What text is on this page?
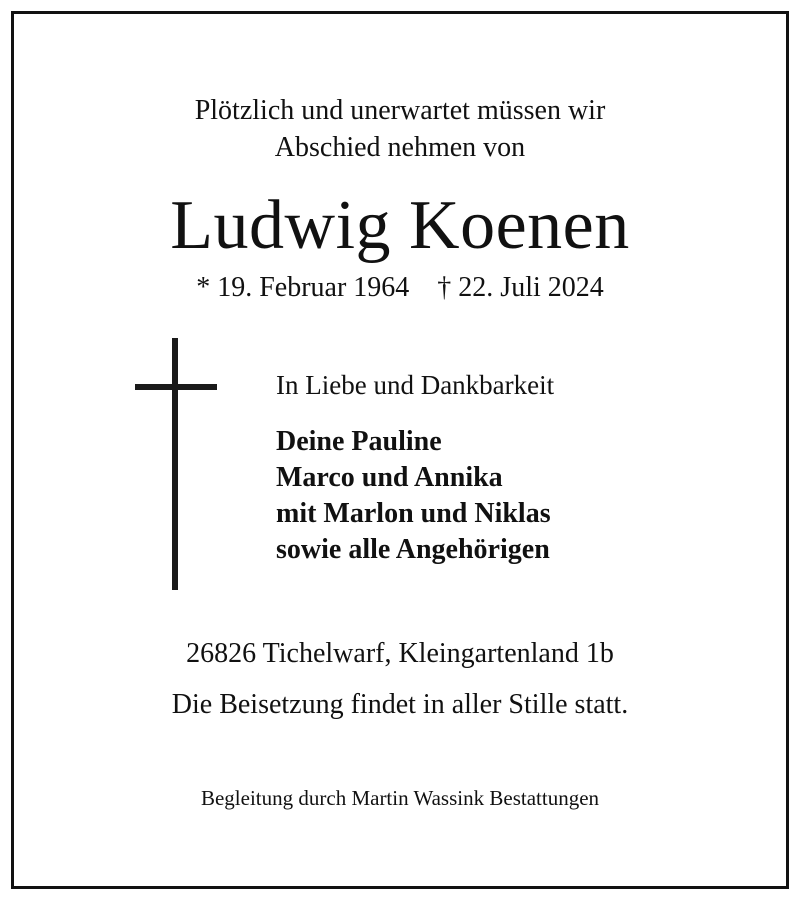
Plötzlich und unerwartet müssen wir
Abschied nehmen von
Ludwig Koenen
* 19. Februar 1964 † 22. Juli 2024
In Liebe und Dankbarkeit
Deine Pauline
Marco und Annika
mit Marlon und Niklas
sowie alle Angehörigen
26826 Tichelwarf, Kleingartenland 1b
Die Beisetzung findet in aller Stille statt.
Begleitung durch Martin Wassink Bestattungen
